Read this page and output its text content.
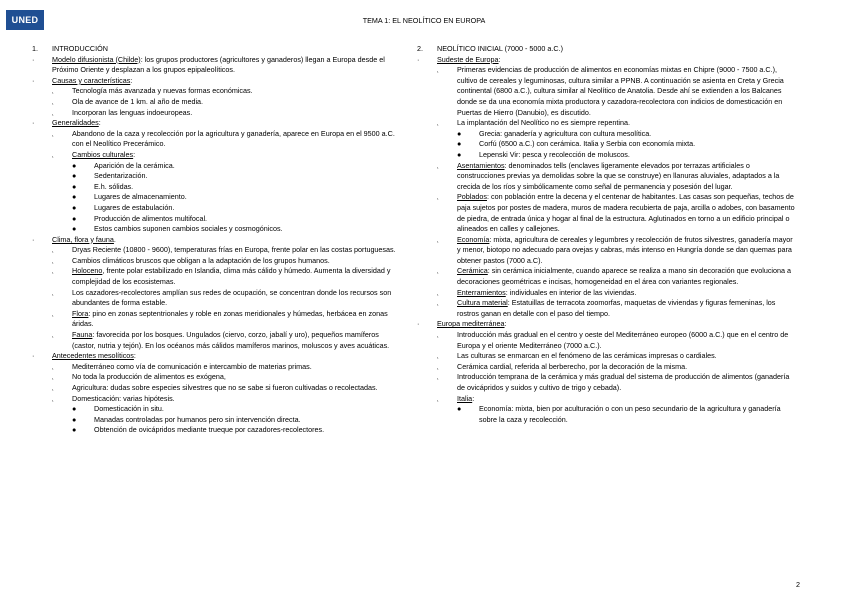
UNED	TEMA 1: EL NEOLÍTICO EN EUROPA
1.	INTRODUCCIÓN
·	Modelo difusionista (Childe): los grupos productores (agricultores y ganaderos) llegan a Europa desde el Próximo Oriente y desplazan a los grupos epipaleolíticos.
·	Causas y características:
˛	Tecnología más avanzada y nuevas formas económicas.
˛	Ola de avance de 1 km. al año de media.
˛	Incorporan las lenguas indoeuropeas.
·	Generalidades:
˛	Abandono de la caza y recolección por la agricultura y ganadería, aparece en Europa en el 9500 a.C. con el Neolítico Precerámico.
˛	Cambios culturales:
●	Aparición de la cerámica.
●	Sedentarización.
●	E.h. sólidas.
●	Lugares de almacenamiento.
●	Lugares de estabulación.
●	Producción de alimentos multifocal.
●	Estos cambios suponen cambios sociales y cosmogónicos.
·	Clima, flora y fauna.
˛	Dryas Reciente (10800 - 9600), temperaturas frías en Europa, frente polar en las costas portuguesas.
˛	Cambios climáticos bruscos que obligan a la adaptación de los grupos humanos.
˛	Holoceno, frente polar estabilizado en Islandia, clima más cálido y húmedo. Aumenta la diversidad y complejidad de los ecosistemas.
˛	Los cazadores-recolectores amplían sus redes de ocupación, se concentran donde los recursos son abundantes de forma estable.
˛	Flora: pino en zonas septentrionales y roble en zonas meridionales y húmedas, herbácea en zonas áridas.
˛	Fauna: favorecida por los bosques. Ungulados (ciervo, corzo, jabalí y uro), pequeños mamíferos (castor, nutria y tejón). En los océanos más cálidos mamíferos marinos, moluscos y aves acuáticas.
·	Antecedentes mesolíticos:
˛	Mediterráneo como vía de comunicación e intercambio de materias primas.
˛	No toda la producción de alimentos es exógena,
˛	Agricultura: dudas sobre especies silvestres que no se sabe si fueron cultivadas o recolectadas.
˛	Domesticación: varias hipótesis.
●	Domesticación in situ.
●	Manadas controladas por humanos pero sin intervención directa.
●	Obtención de ovicápridos mediante trueque por cazadores-recolectores.
2.	NEOLÍTICO INICIAL (7000 - 5000 a.C.)
·	Sudeste de Europa:
˛	Primeras evidencias de producción de alimentos en economías mixtas en Chipre (9000 - 7500 a.C.), cultivo de cereales y leguminosas, cultura similar a PPNB. A continuación se asienta en Creta y Grecia continental (6800 a.C.), cultura similar al Neolítico de Anatolia. Desde ahí se extienden a los Balcanes donde se da una economía mixta productora y cazadora-recolectora con indicios de domesticación en Puertas de Hierro (Danubio), es discutido.
˛	La implantación del Neolítico no es siempre repentina.
●	Grecia: ganadería y agricultura con cultura mesolítica.
●	Corfú (6500 a.C.) con cerámica. Italia y Serbia con economía mixta.
●	Lepenski Vir: pesca y recolección de moluscos.
˛	Asentamientos: denominados tells (enclaves ligeramente elevados por terrazas artificiales o construcciones previas ya demolidas sobre la que se construye) en llanuras aluviales, adaptados a la crecida de los ríos y simbólicamente como señal de permanencia y posesión del lugar.
˛	Poblados: con población entre la decena y el centenar de habitantes. Las casas son pequeñas, techos de paja sujetos por postes de madera, muros de madera recubierta de paja, arcilla o adobes, con basamento de piedra, de entrada única y hogar al final de la estructura. Aglutinados en torno a un edificio principal o alineados en calles y callejones.
˛	Economía: mixta, agricultura de cereales y legumbres y recolección de frutos silvestres, ganadería mayor y menor, biotopo no adecuado para ovejas y cabras, más intenso en Hungría donde se dan quemas para obtener pastos (7000 a.C).
˛	Cerámica: sin cerámica inicialmente, cuando aparece se realiza a mano sin decoración que evoluciona a decoraciones geométricas e incisas, homogeneidad en el área con variantes regionales.
˛	Enterramientos: individuales en interior de las viviendas.
˛	Cultura material: Estatuillas de terracota zoomorfas, maquetas de viviendas y figuras femeninas, los rostros ganan en detalle con el paso del tiempo.
·	Europa mediterránea:
˛	Introducción más gradual en el centro y oeste del Mediterráneo europeo (6000 a.C.) que en el centro de Europa y el oriente Mediterráneo (7000 a.C.).
˛	Las culturas se enmarcan en el fenómeno de las cerámicas impresas o cardiales.
˛	Cerámica cardial, referida al berberecho, por la decoración de la misma.
˛	Introducción temprana de la cerámica y más gradual del sistema de producción de alimentos (ganadería de ovicápridos y suidos y cultivo de trigo y cebada).
˛	Italia:
●	Economía: mixta, bien por aculturación o con un peso secundario de la agricultura y ganadería sobre la caza y recolección.
2
